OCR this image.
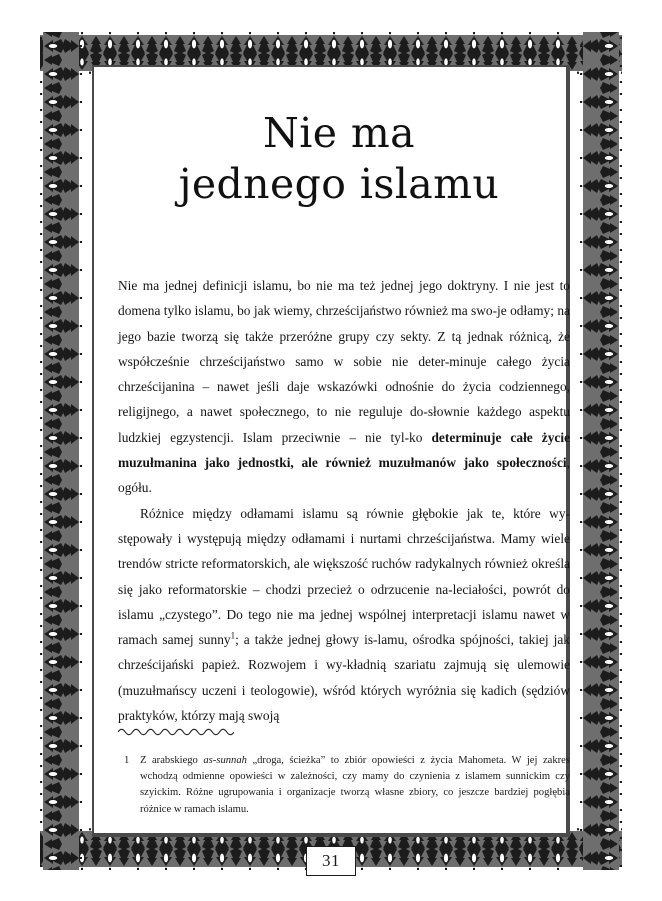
Nie ma
jednego islamu

Nie ma jednej definicji islamu, bo nie ma też jednej jego doktryny. I nie jest to domena tylko islamu, bo jak wiemy, chrześcijaństwo również ma swo-je odłamy; na jego bazie tworzą się także przeróżne grupy czy sekty. Z tą jednak różnicą, że współcześnie chrześcijaństwo samo w sobie nie deter-minuje całego życia chrześcijanina – nawet jeśli daje wskazówki odnośnie do życia codziennego, religijnego, a nawet społecznego, to nie reguluje do-słownie każdego aspektu ludzkiej egzystencji. Islam przeciwnie – nie tyl-ko determinuje całe życie muzułmanina jako jednostki, ale również muzułmanów jako społeczności, ogółu.

Różnice między odłamami islamu są równie głębokie jak te, które wy-stępowały i występują między odłamami i nurtami chrześcijaństwa. Mamy wiele trendów stricte reformatorskich, ale większość ruchów radykalnych również określa się jako reformatorskie – chodzi przecież o odrzucenie na-leciałości, powrót do islamu „czystego”. Do tego nie ma jednej wspólnej interpretacji islamu nawet w ramach samej sunny$^1$; a także jednej głowy is-lamu, ośrodka spójności, takiej jak chrześcijański papież. Rozwojem i wy-kładnią szariatu zajmują się ulemowie (muzułmańscy uczeni i teologowie), wśród których wyróżnia się kadich (sędziów praktyków, którzy mają swoją

1	Z arabskiego as-sunnah „droga, ścieżka” to zbiór opowieści z życia Mahometa. W jej zakres wchodzą odmienne opowieści w zależności, czy mamy do czynienia z islamem sunnickim czy szyickim. Różne ugrupowania i organizacje tworzą własne zbiory, co jeszcze bardziej pogłębia różnice w ramach islamu.
31
